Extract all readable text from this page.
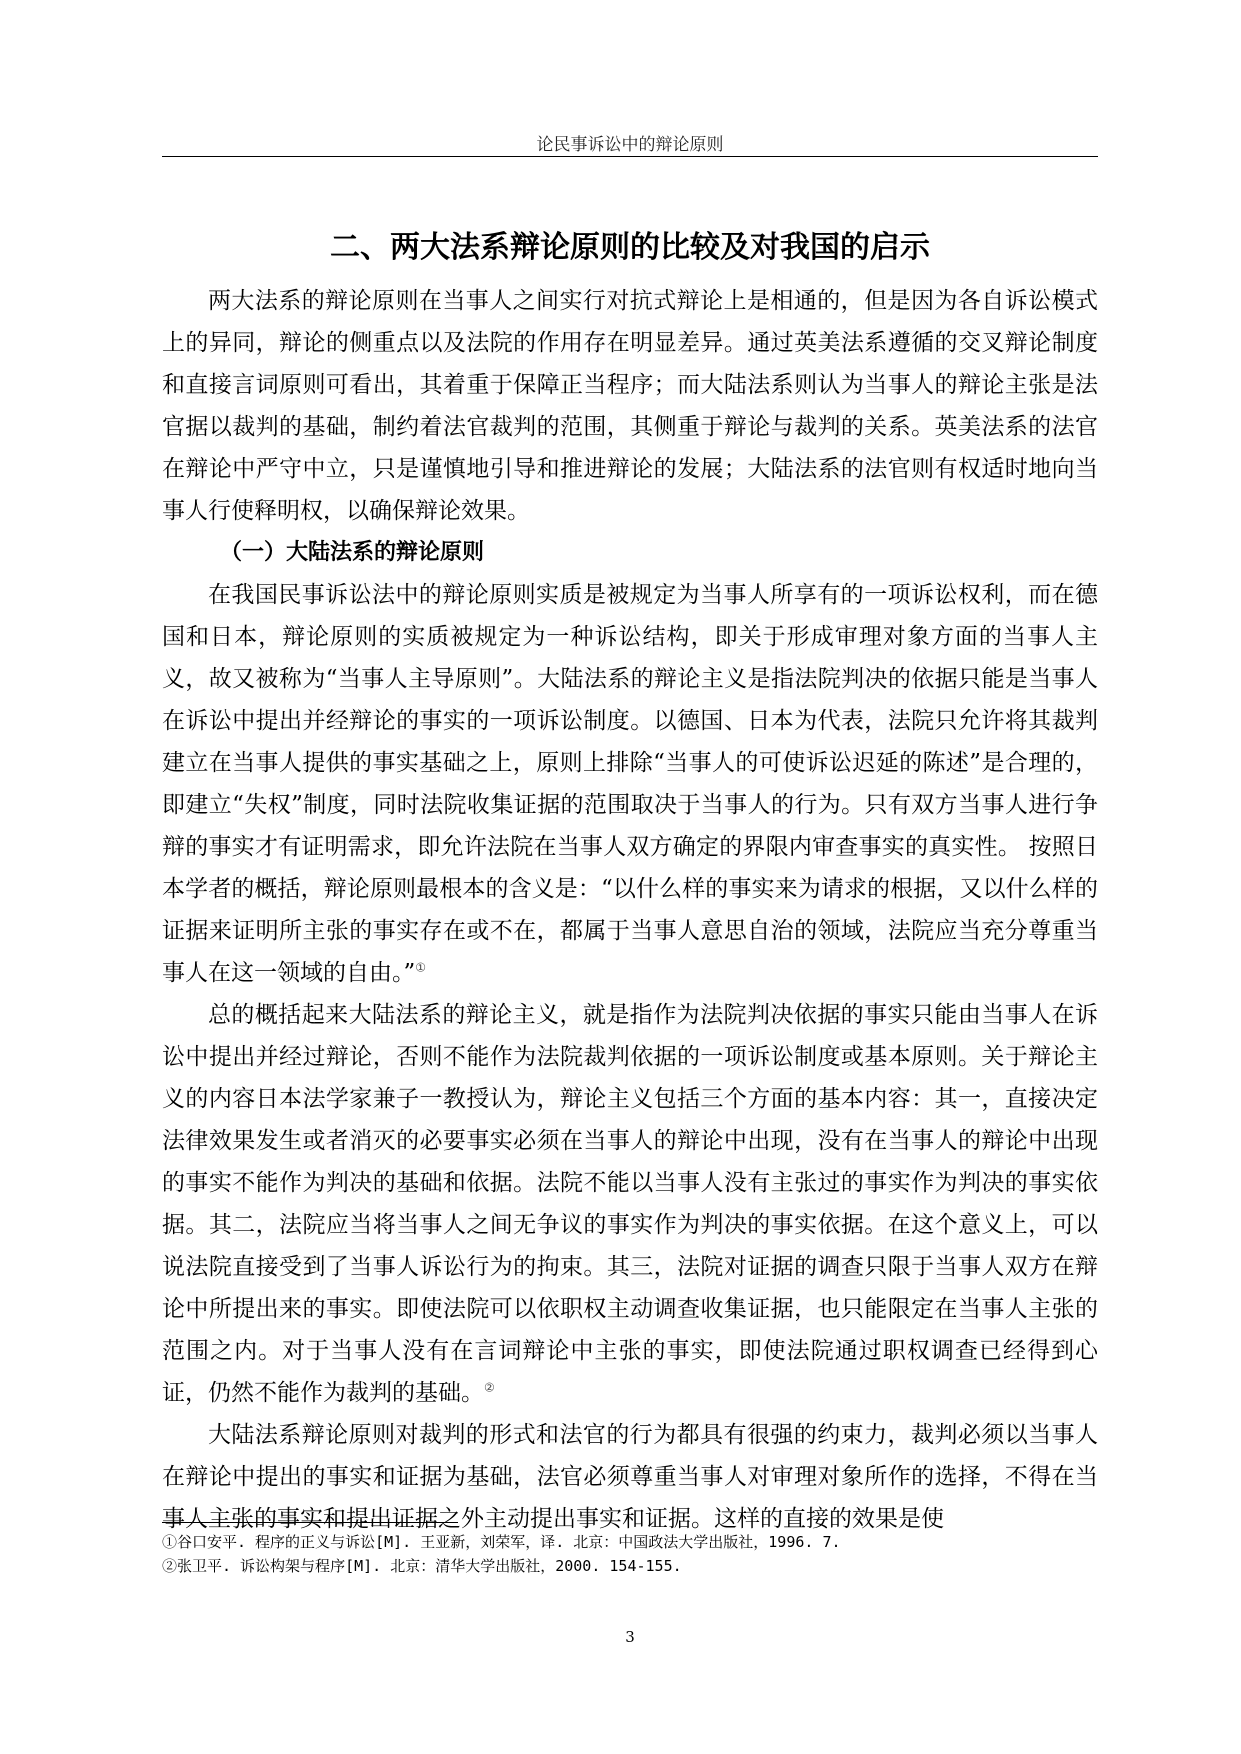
论民事诉讼中的辩论原则
二、两大法系辩论原则的比较及对我国的启示

两大法系的辩论原则在当事人之间实行对抗式辩论上是相通的，但是因为各自诉讼模式上的异同，辩论的侧重点以及法院的作用存在明显差异。通过英美法系遵循的交叉辩论制度和直接言词原则可看出，其着重于保障正当程序；而大陆法系则认为当事人的辩论主张是法官据以裁判的基础，制约着法官裁判的范围，其侧重于辩论与裁判的关系。英美法系的法官在辩论中严守中立，只是谨慎地引导和推进辩论的发展；大陆法系的法官则有权适时地向当事人行使释明权，以确保辩论效果。

（一）大陆法系的辩论原则

在我国民事诉讼法中的辩论原则实质是被规定为当事人所享有的一项诉讼权利，而在德国和日本，辩论原则的实质被规定为一种诉讼结构，即关于形成审理对象方面的当事人主义，故又被称为“当事人主导原则”。大陆法系的辩论主义是指法院判决的依据只能是当事人在诉讼中提出并经辩论的事实的一项诉讼制度。以德国、日本为代表，法院只允许将其裁判建立在当事人提供的事实基础之上，原则上排除“当事人的可使诉讼迟延的陈述”是合理的，即建立“失权”制度，同时法院收集证据的范围取决于当事人的行为。只有双方当事人进行争辩的事实才有证明需求，即允许法院在当事人双方确定的界限内审查事实的真实性。 按照日本学者的概括，辩论原则最根本的含义是：“以什么样的事实来为请求的根据，又以什么样的证据来证明所主张的事实存在或不在，都属于当事人意思自治的领域，法院应当充分尊重当事人在这一领域的自由。”①

总的概括起来大陆法系的辩论主义，就是指作为法院判决依据的事实只能由当事人在诉讼中提出并经过辩论，否则不能作为法院裁判依据的一项诉讼制度或基本原则。关于辩论主义的内容日本法学家兼子一教授认为，辩论主义包括三个方面的基本内容：其一，直接决定法律效果发生或者消灭的必要事实必须在当事人的辩论中出现，没有在当事人的辩论中出现的事实不能作为判决的基础和依据。法院不能以当事人没有主张过的事实作为判决的事实依据。其二，法院应当将当事人之间无争议的事实作为判决的事实依据。在这个意义上，可以说法院直接受到了当事人诉讼行为的拘束。其三，法院对证据的调查只限于当事人双方在辩论中所提出来的事实。即使法院可以依职权主动调查收集证据，也只能限定在当事人主张的范围之内。对于当事人没有在言词辩论中主张的事实，即使法院通过职权调查已经得到心证，仍然不能作为裁判的基础。②

大陆法系辩论原则对裁判的形式和法官的行为都具有很强的约束力，裁判必须以当事人在辩论中提出的事实和证据为基础，法官必须尊重当事人对审理对象所作的选择，不得在当事人主张的事实和提出证据之外主动提出事实和证据。这样的直接的效果是使

①谷口安平. 程序的正义与诉讼[M]. 王亚新，刘荣军，译. 北京：中国政法大学出版社，1996. 7.
②张卫平. 诉讼构架与程序[M]. 北京：清华大学出版社，2000. 154-155.
3
